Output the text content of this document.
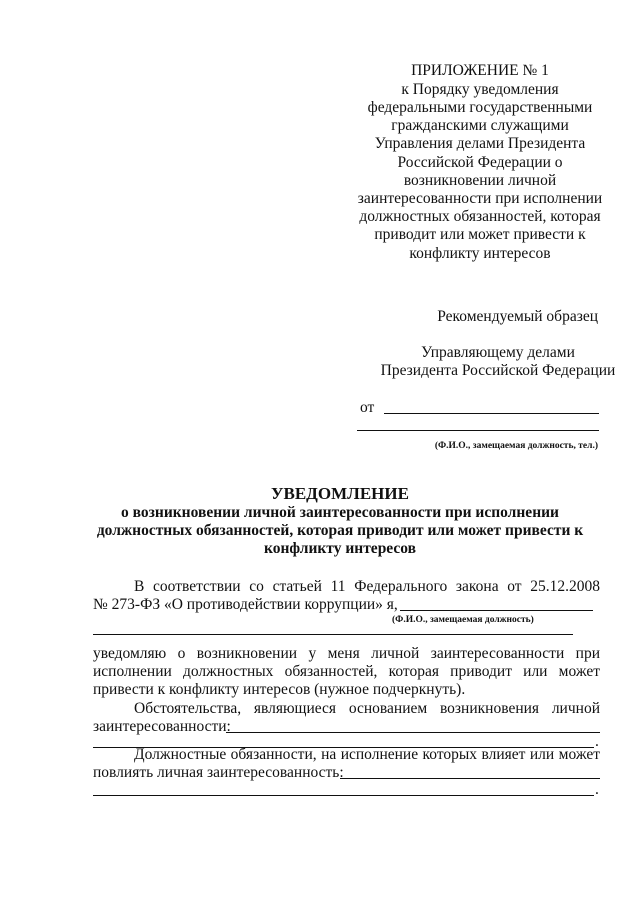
ПРИЛОЖЕНИЕ № 1
к Порядку уведомления
федеральными государственными
гражданскими служащими
Управления делами Президента
Российской Федерации о
возникновении личной
заинтересованности при исполнении
должностных обязанностей, которая
приводит или может привести к
конфликту интересов
Рекомендуемый образец
Управляющему делами
Президента Российской Федерации
от
(Ф.И.О., замещаемая должность, тел.)
УВЕДОМЛЕНИЕ
о возникновении личной заинтересованности при исполнении
должностных обязанностей, которая приводит или может привести к
конфликту интересов
В соответствии со статьей 11 Федерального закона от 25.12.2008
№ 273-ФЗ «О противодействии коррупции» я,
(Ф.И.О., замещаемая должность)
уведомляю о возникновении у меня личной заинтересованности при
исполнении должностных обязанностей, которая приводит или может
привести к конфликту интересов (нужное подчеркнуть).
Обстоятельства, являющиеся основанием возникновения личной
заинтересованности:
.
Должностные обязанности, на исполнение которых влияет или может
повлиять личная заинтересованность:
.
